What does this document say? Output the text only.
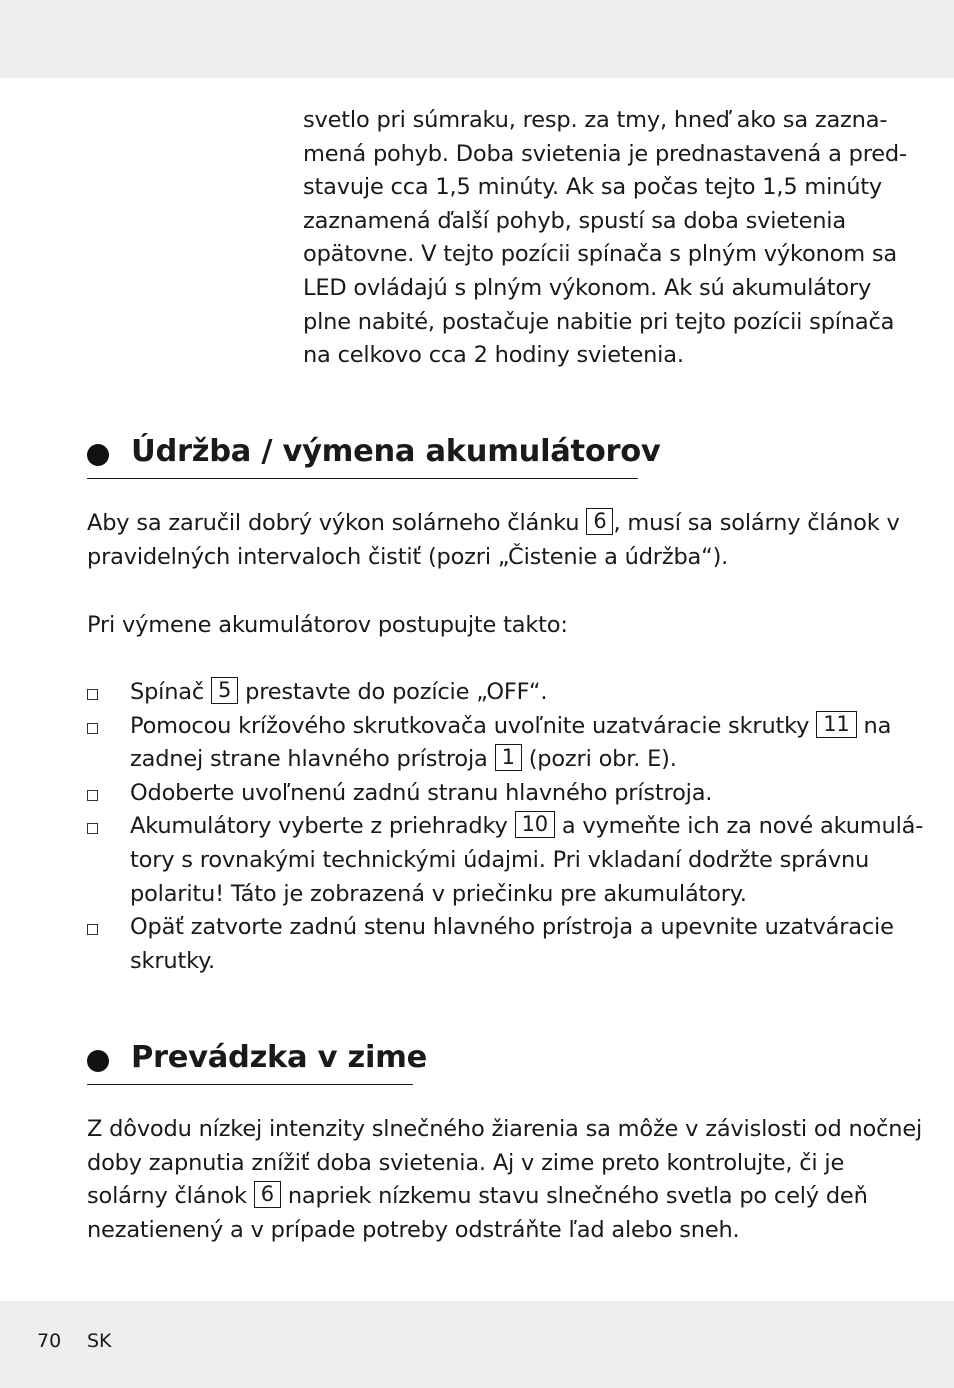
svetlo pri súmraku, resp. za tmy, hneď ako sa zazna-
mená pohyb. Doba svietenia je prednastavená a pred-
stavuje cca 1,5 minúty. Ak sa počas tejto 1,5 minúty
zaznamená ďalší pohyb, spustí sa doba svietenia
opätovne. V tejto pozícii spínača s plným výkonom sa
LED ovládajú s plným výkonom. Ak sú akumulátory
plne nabité, postačuje nabitie pri tejto pozícii spínača
na celkovo cca 2 hodiny svietenia.
Údržba / výmena akumulátorov
Aby sa zaručil dobrý výkon solárneho článku 6 , musí sa solárny článok v
pravidelných intervaloch čistiť (pozri „Čistenie a údržba“).
Pri výmene akumulátorov postupujte takto:
Spínač 5 prestavte do pozície „OFF“.
Pomocou krížového skrutkovača uvoľnite uzatváracie skrutky 11 na
zadnej strane hlavného prístroja 1 (pozri obr. E).
Odoberte uvoľnenú zadnú stranu hlavného prístroja.
Akumulátory vyberte z priehradky 10 a vymeňte ich za nové akumulá-
tory s rovnakými technickými údajmi. Pri vkladaní dodržte správnu
polaritu! Táto je zobrazená v priečinku pre akumulátory.
Opäť zatvorte zadnú stenu hlavného prístroja a upevnite uzatváracie
skrutky.
Prevádzka v zime
Z dôvodu nízkej intenzity slnečného žiarenia sa môže v závislosti od nočnej
doby zapnutia znížiť doba svietenia. Aj v zime preto kontrolujte, či je
solárny článok 6 napriek nízkemu stavu slnečného svetla po celý deň
nezatienený a v prípade potreby odstráňte ľad alebo sneh.
70 SK
